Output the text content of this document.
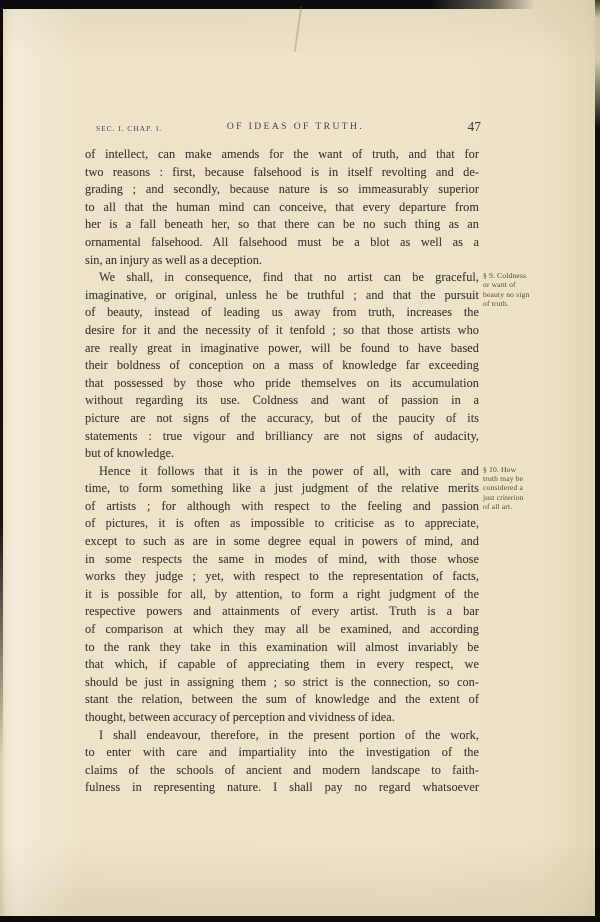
SEC. I. CHAP. I.	OF IDEAS OF TRUTH.	47
of intellect, can make amends for the want of truth, and that for
two reasons : first, because falsehood is in itself revolting and de-
grading ; and secondly, because nature is so immeasurably superior
to all that the human mind can conceive, that every departure from
her is a fall beneath her, so that there can be no such thing as an
ornamental falsehood. All falsehood must be a blot as well as a
sin, an injury as well as a deception.
We shall, in consequence, find that no artist can be graceful,
imaginative, or original, unless he be truthful ; and that the pursuit
of beauty, instead of leading us away from truth, increases the
desire for it and the necessity of it tenfold ; so that those artists who
are really great in imaginative power, will be found to have based
their boldness of conception on a mass of knowledge far exceeding
that possessed by those who pride themselves on its accumulation
without regarding its use. Coldness and want of passion in a
picture are not signs of the accuracy, but of the paucity of its
statements : true vigour and brilliancy are not signs of audacity,
but of knowledge.
§ 9. Coldness
or want of
beauty no sign
of truth.
Hence it follows that it is in the power of all, with care and
time, to form something like a just judgment of the relative merits
of artists ; for although with respect to the feeling and passion
of pictures, it is often as impossible to criticise as to appreciate,
except to such as are in some degree equal in powers of mind, and
in some respects the same in modes of mind, with those whose
works they judge ; yet, with respect to the representation of facts,
it is possible for all, by attention, to form a right judgment of the
respective powers and attainments of every artist. Truth is a bar
of comparison at which they may all be examined, and according
to the rank they take in this examination will almost invariably be
that which, if capable of appreciating them in every respect, we
should be just in assigning them ; so strict is the connection, so con-
stant the relation, between the sum of knowledge and the extent of
thought, between accuracy of perception and vividness of idea.
§ 10. How
truth may be
considered a
just criterion
of all art.
I shall endeavour, therefore, in the present portion of the work,
to enter with care and impartiality into the investigation of the
claims of the schools of ancient and modern landscape to faith-
fulness in representing nature. I shall pay no regard whatsoever
